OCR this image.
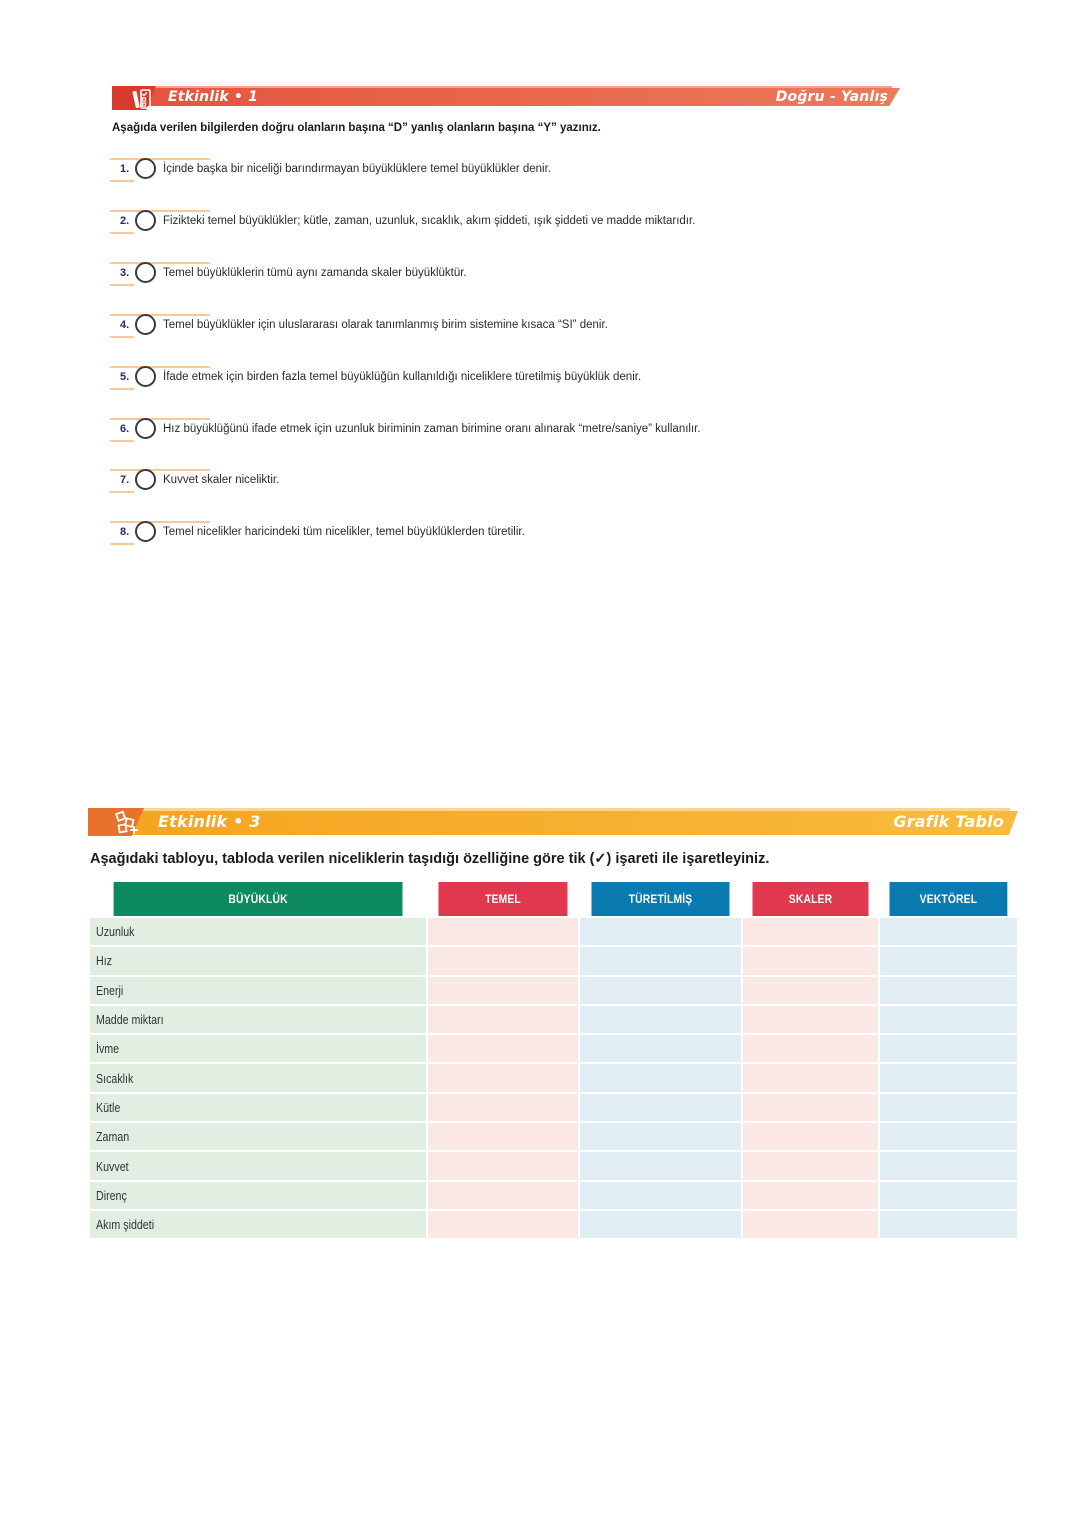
Etkinlik • 1	Doğru - Yanlış
Aşağıda verilen bilgilerden doğru olanların başına “D” yanlış olanların başına “Y” yazınız.
1.	İçinde başka bir niceliği barındırmayan büyüklüklere temel büyüklükler denir.
2.	Fizikteki temel büyüklükler; kütle, zaman, uzunluk, sıcaklık, akım şiddeti, ışık şiddeti ve madde miktarıdır.
3.	Temel büyüklüklerin tümü aynı zamanda skaler büyüklüktür.
4.	Temel büyüklükler için uluslararası olarak tanımlanmış birim sistemine kısaca “SI” denir.
5.	İfade etmek için birden fazla temel büyüklüğün kullanıldığı niceliklere türetilmiş büyüklük denir.
6.	Hız büyüklüğünü ifade etmek için uzunluk biriminin zaman birimine oranı alınarak “metre/saniye” kullanılır.
7.	Kuvvet skaler niceliktir.
8.	Temel nicelikler haricindeki tüm nicelikler, temel büyüklüklerden türetilir.
Etkinlik • 3	Grafik Tablo
Aşağıdaki tabloyu, tabloda verilen niceliklerin taşıdığı özelliğine göre tik (✓) işareti ile işaretleyiniz.
BÜYÜKLÜK	TEMEL	TÜRETİLMİŞ	SKALER	VEKTÖREL
Uzunluk				
Hız				
Enerji				
Madde miktarı				
İvme				
Sıcaklık				
Kütle				
Zaman				
Kuvvet				
Direnç				
Akım şiddeti				
